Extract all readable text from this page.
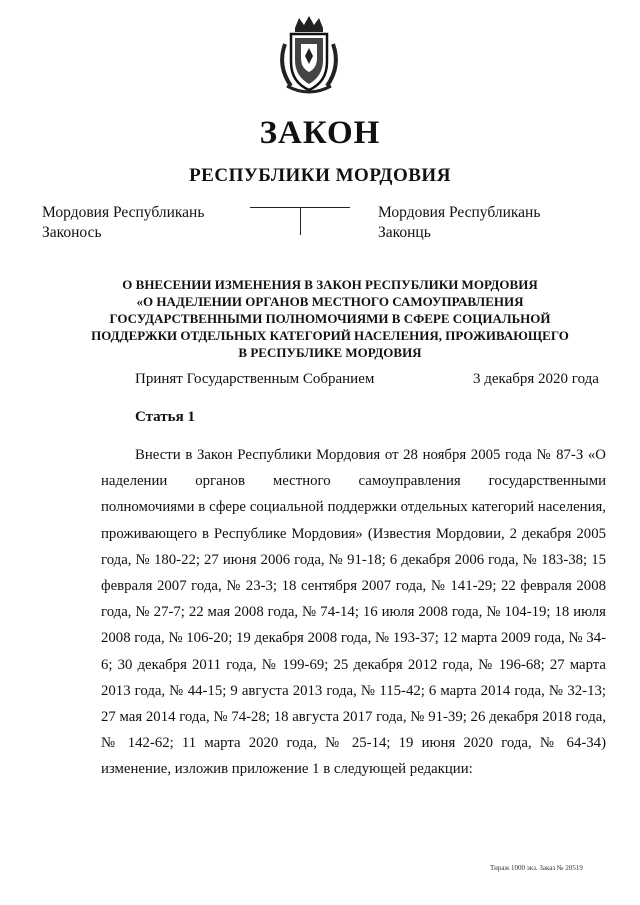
ЗАКОН
РЕСПУБЛИКИ МОРДОВИЯ
Мордовия Республикань
Законось
Мордовия Республикань
Законць
О ВНЕСЕНИИ ИЗМЕНЕНИЯ В ЗАКОН РЕСПУБЛИКИ МОРДОВИЯ
«О НАДЕЛЕНИИ ОРГАНОВ МЕСТНОГО САМОУПРАВЛЕНИЯ
ГОСУДАРСТВЕННЫМИ ПОЛНОМОЧИЯМИ В СФЕРЕ СОЦИАЛЬНОЙ
ПОДДЕРЖКИ ОТДЕЛЬНЫХ КАТЕГОРИЙ НАСЕЛЕНИЯ, ПРОЖИВАЮЩЕГО
В РЕСПУБЛИКЕ МОРДОВИЯ
Принят Государственным Собранием	3 декабря 2020 года
Статья 1
Внести в Закон Республики Мордовия от 28 ноября 2005 года № 87-З «О наделении органов местного самоуправления государственными полномочиями в сфере социальной поддержки отдельных категорий населения, проживающего в Республике Мордовия» (Известия Мордовии, 2 декабря 2005 года, № 180-22; 27 июня 2006 года, № 91-18; 6 декабря 2006 года, № 183-38; 15 февраля 2007 года, № 23-3; 18 сентября 2007 года, № 141-29; 22 февраля 2008 года, № 27-7; 22 мая 2008 года, № 74-14; 16 июля 2008 года, № 104-19; 18 июля 2008 года, № 106-20; 19 декабря 2008 года, № 193-37; 12 марта 2009 года, № 34-6; 30 декабря 2011 года, № 199-69; 25 декабря 2012 года, № 196-68; 27 марта 2013 года, № 44-15; 9 августа 2013 года, № 115-42; 6 марта 2014 года, № 32-13; 27 мая 2014 года, № 74-28; 18 августа 2017 года, № 91-39; 26 декабря 2018 года, № 142-62; 11 марта 2020 года, № 25-14; 19 июня 2020 года, № 64-34) изменение, изложив приложение 1 в следующей редакции:
Тираж 1000 экз. Заказ № 20519
